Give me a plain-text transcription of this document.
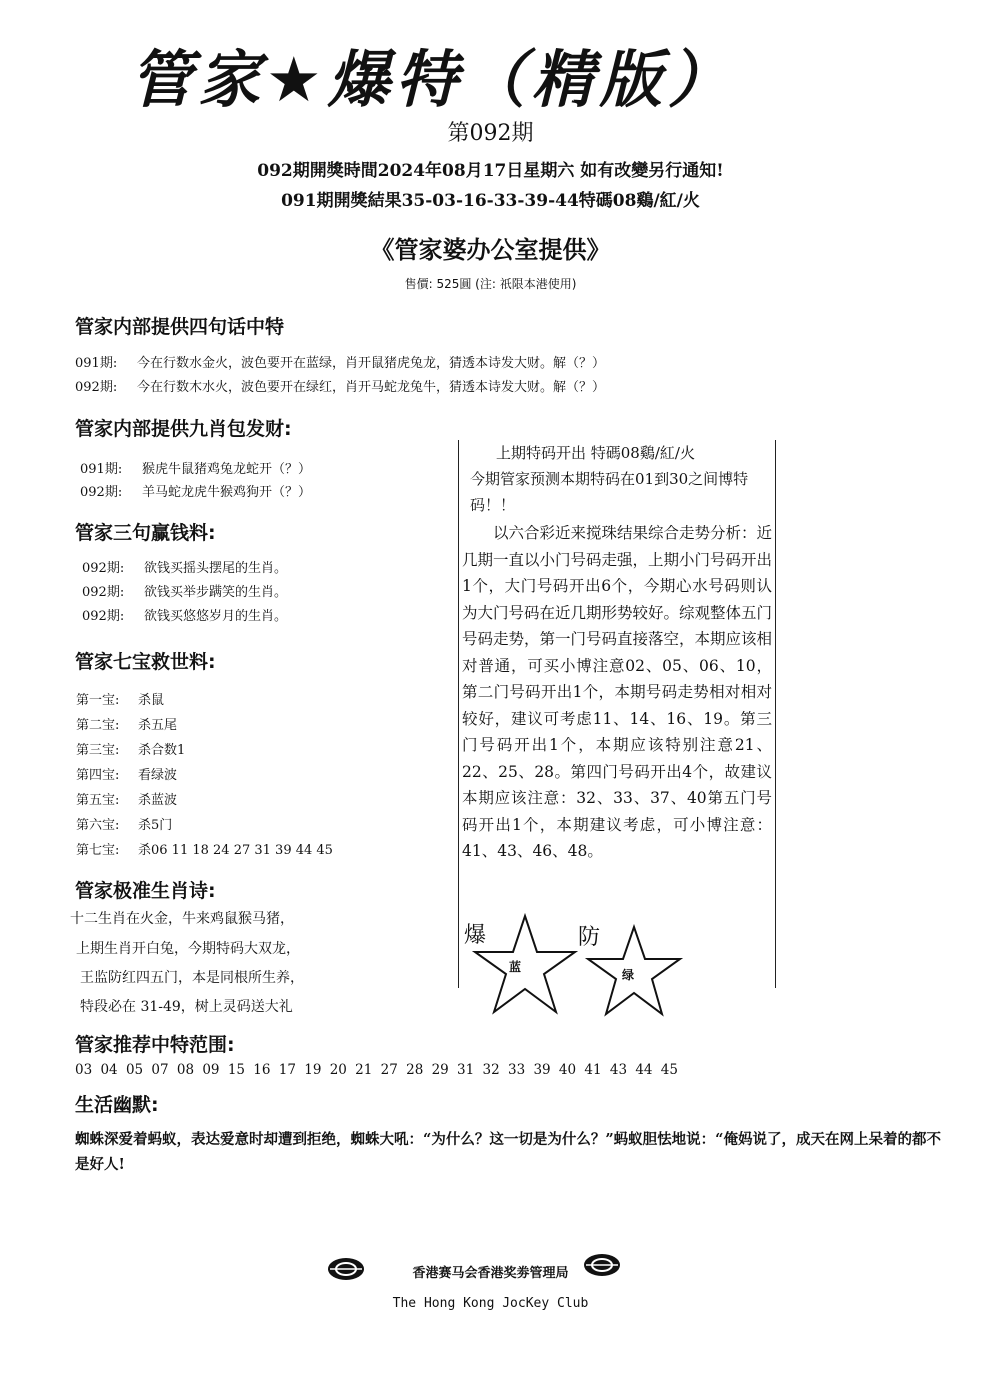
管家★爆特（精版）
第092期
092期開獎時間2024年08月17日星期六 如有改變另行通知!
091期開獎結果35-03-16-33-39-44特碼08鷄/紅/火
《管家婆办公室提供》
售價: 525圓 (注: 祇限本港使用)
管家内部提供四句话中特
091期: 今在行数水金火，波色要开在蓝绿，肖开鼠猪虎兔龙，猜透本诗发大财。解（？）
092期: 今在行数木水火，波色要开在绿红，肖开马蛇龙兔牛，猜透本诗发大财。解（？）
管家内部提供九肖包发财:
091期: 猴虎牛鼠猪鸡兔龙蛇开（？）
092期: 羊马蛇龙虎牛猴鸡狗开（？）
管家三句赢钱料:
092期: 欲钱买摇头摆尾的生肖。
092期: 欲钱买举步蹒笑的生肖。
092期: 欲钱买悠悠岁月的生肖。
管家七宝救世料:
第一宝: 杀鼠
第二宝: 杀五尾
第三宝: 杀合数1
第四宝: 看绿波
第五宝: 杀蓝波
第六宝: 杀5门
第七宝: 杀06 11 18 24 27 31 39 44 45
管家极准生肖诗:
十二生肖在火金，牛来鸡鼠猴马猪，
上期生肖开白兔，今期特码大双龙，
王监防红四五门，本是同根所生养，
特段必在 31-49，树上灵码送大礼
上期特码开出 特碼08鷄/紅/火
今期管家预测本期特码在01到30之间博特码！！
以六合彩近来搅珠结果综合走势分析：近几期一直以小门号码走强，上期小门号码开出1个，大门号码开出6个，今期心水号码则认为大门号码在近几期形势较好。综观整体五门号码走势，第一门号码直接落空，本期应该相对普通，可买小博注意02、05、06、10，第二门号码开出1个，本期号码走势相对相对较好，建议可考虑11、14、16、19。第三门号码开出1个，本期应该特别注意21、22、25、28。第四门号码开出4个，故建议本期应该注意：32、33、37、40第五门号码开出1个，本期建议考虑，可小博注意：41、43、46、48。
爆
蓝
防
绿
管家推荐中特范围:
03 04 05 07 08 09 15 16 17 19 20 21 27 28 29 31 32 33 39 40 41 43 44 45
生活幽默:
蜘蛛深爱着蚂蚁，表达爱意时却遭到拒绝，蜘蛛大吼：“为什么？这一切是为什么？”蚂蚁胆怯地说：“俺妈说了，成天在网上呆着的都不是好人!
香港赛马会香港奖劵管理局
The Hong Kong JocKey Club
